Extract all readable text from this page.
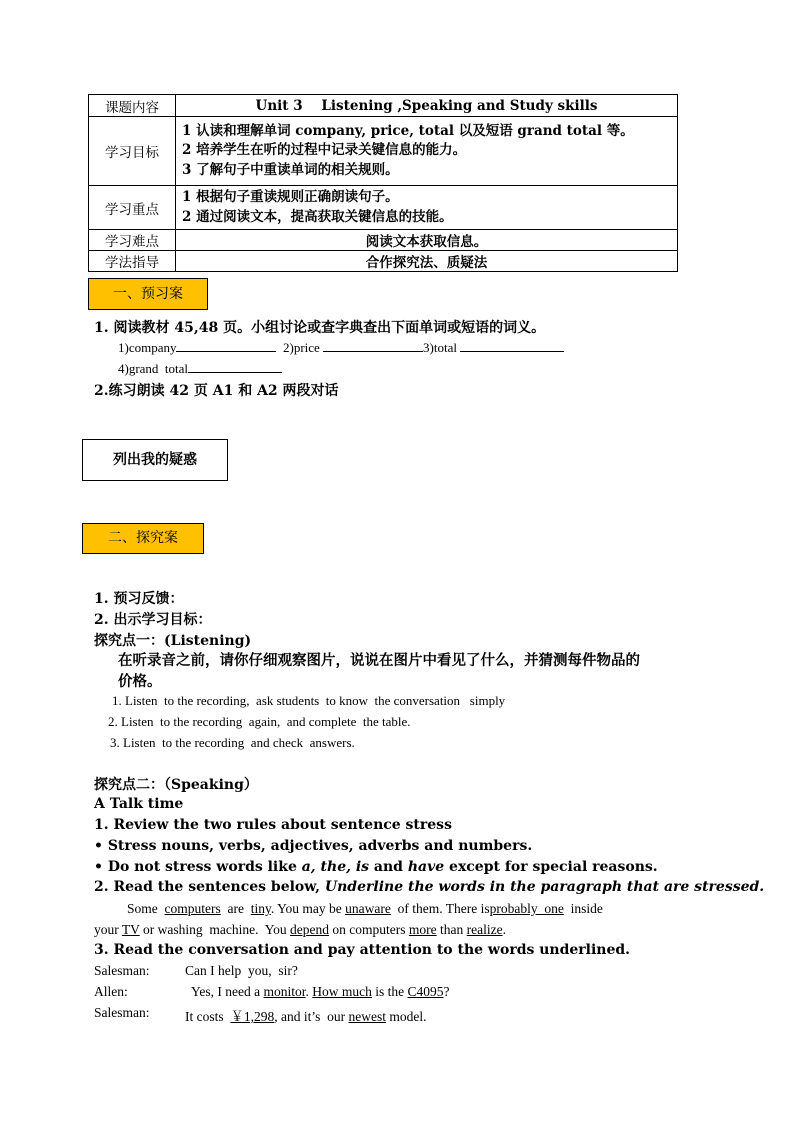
课题内容	Unit 3    Listening ,Speaking and Study skills
学习目标	1 认读和理解单词 company, price, total 以及短语 grand total 等。
2 培养学生在听的过程中记录关键信息的能力。
3 了解句子中重读单词的相关规则。

学习重点	1 根据句子重读规则正确朗读句子。
2 通过阅读文本，提高获取关键信息的技能。

学习难点	阅读文本获取信息。
学法指导	合作探究法、质疑法
一、预习案
1. 阅读教材 45,48 页。小组讨论或查字典查出下面单词或短语的词义。
1)company	2)price	3)total
4)grand  total
2.练习朗读 42 页 A1 和 A2 两段对话
列出我的疑惑
二、探究案
1. 预习反馈：
2. 出示学习目标：
探究点一：(Listening)
在听录音之前，请你仔细观察图片，说说在图片中看见了什么，并猜测每件物品的
价格。
1. Listen  to the recording,  ask students  to know  the conversation   simply
2. Listen  to the recording  again,  and complete  the table.
3. Listen  to the recording  and check  answers.
探究点二：（Speaking）
A Talk time
1. Review the two rules about sentence stress
• Stress nouns, verbs, adjectives, adverbs and numbers.
• Do not stress words like a, the, is and have except for special reasons.
2. Read the sentences below, Underline the words in the paragraph that are stressed.
Some computers are tiny. You may be unaware of them. There isprobably  one inside
your TV or washing  machine.  You depend on computers more than realize.
3. Read the conversation and pay attention to the words underlined.
Salesman:	Can I help  you,  sir?
Allen:	Yes, I need a monitor. How much is the C4095?
Salesman:	It costs ￥1,298, and it’s  our newest model.
